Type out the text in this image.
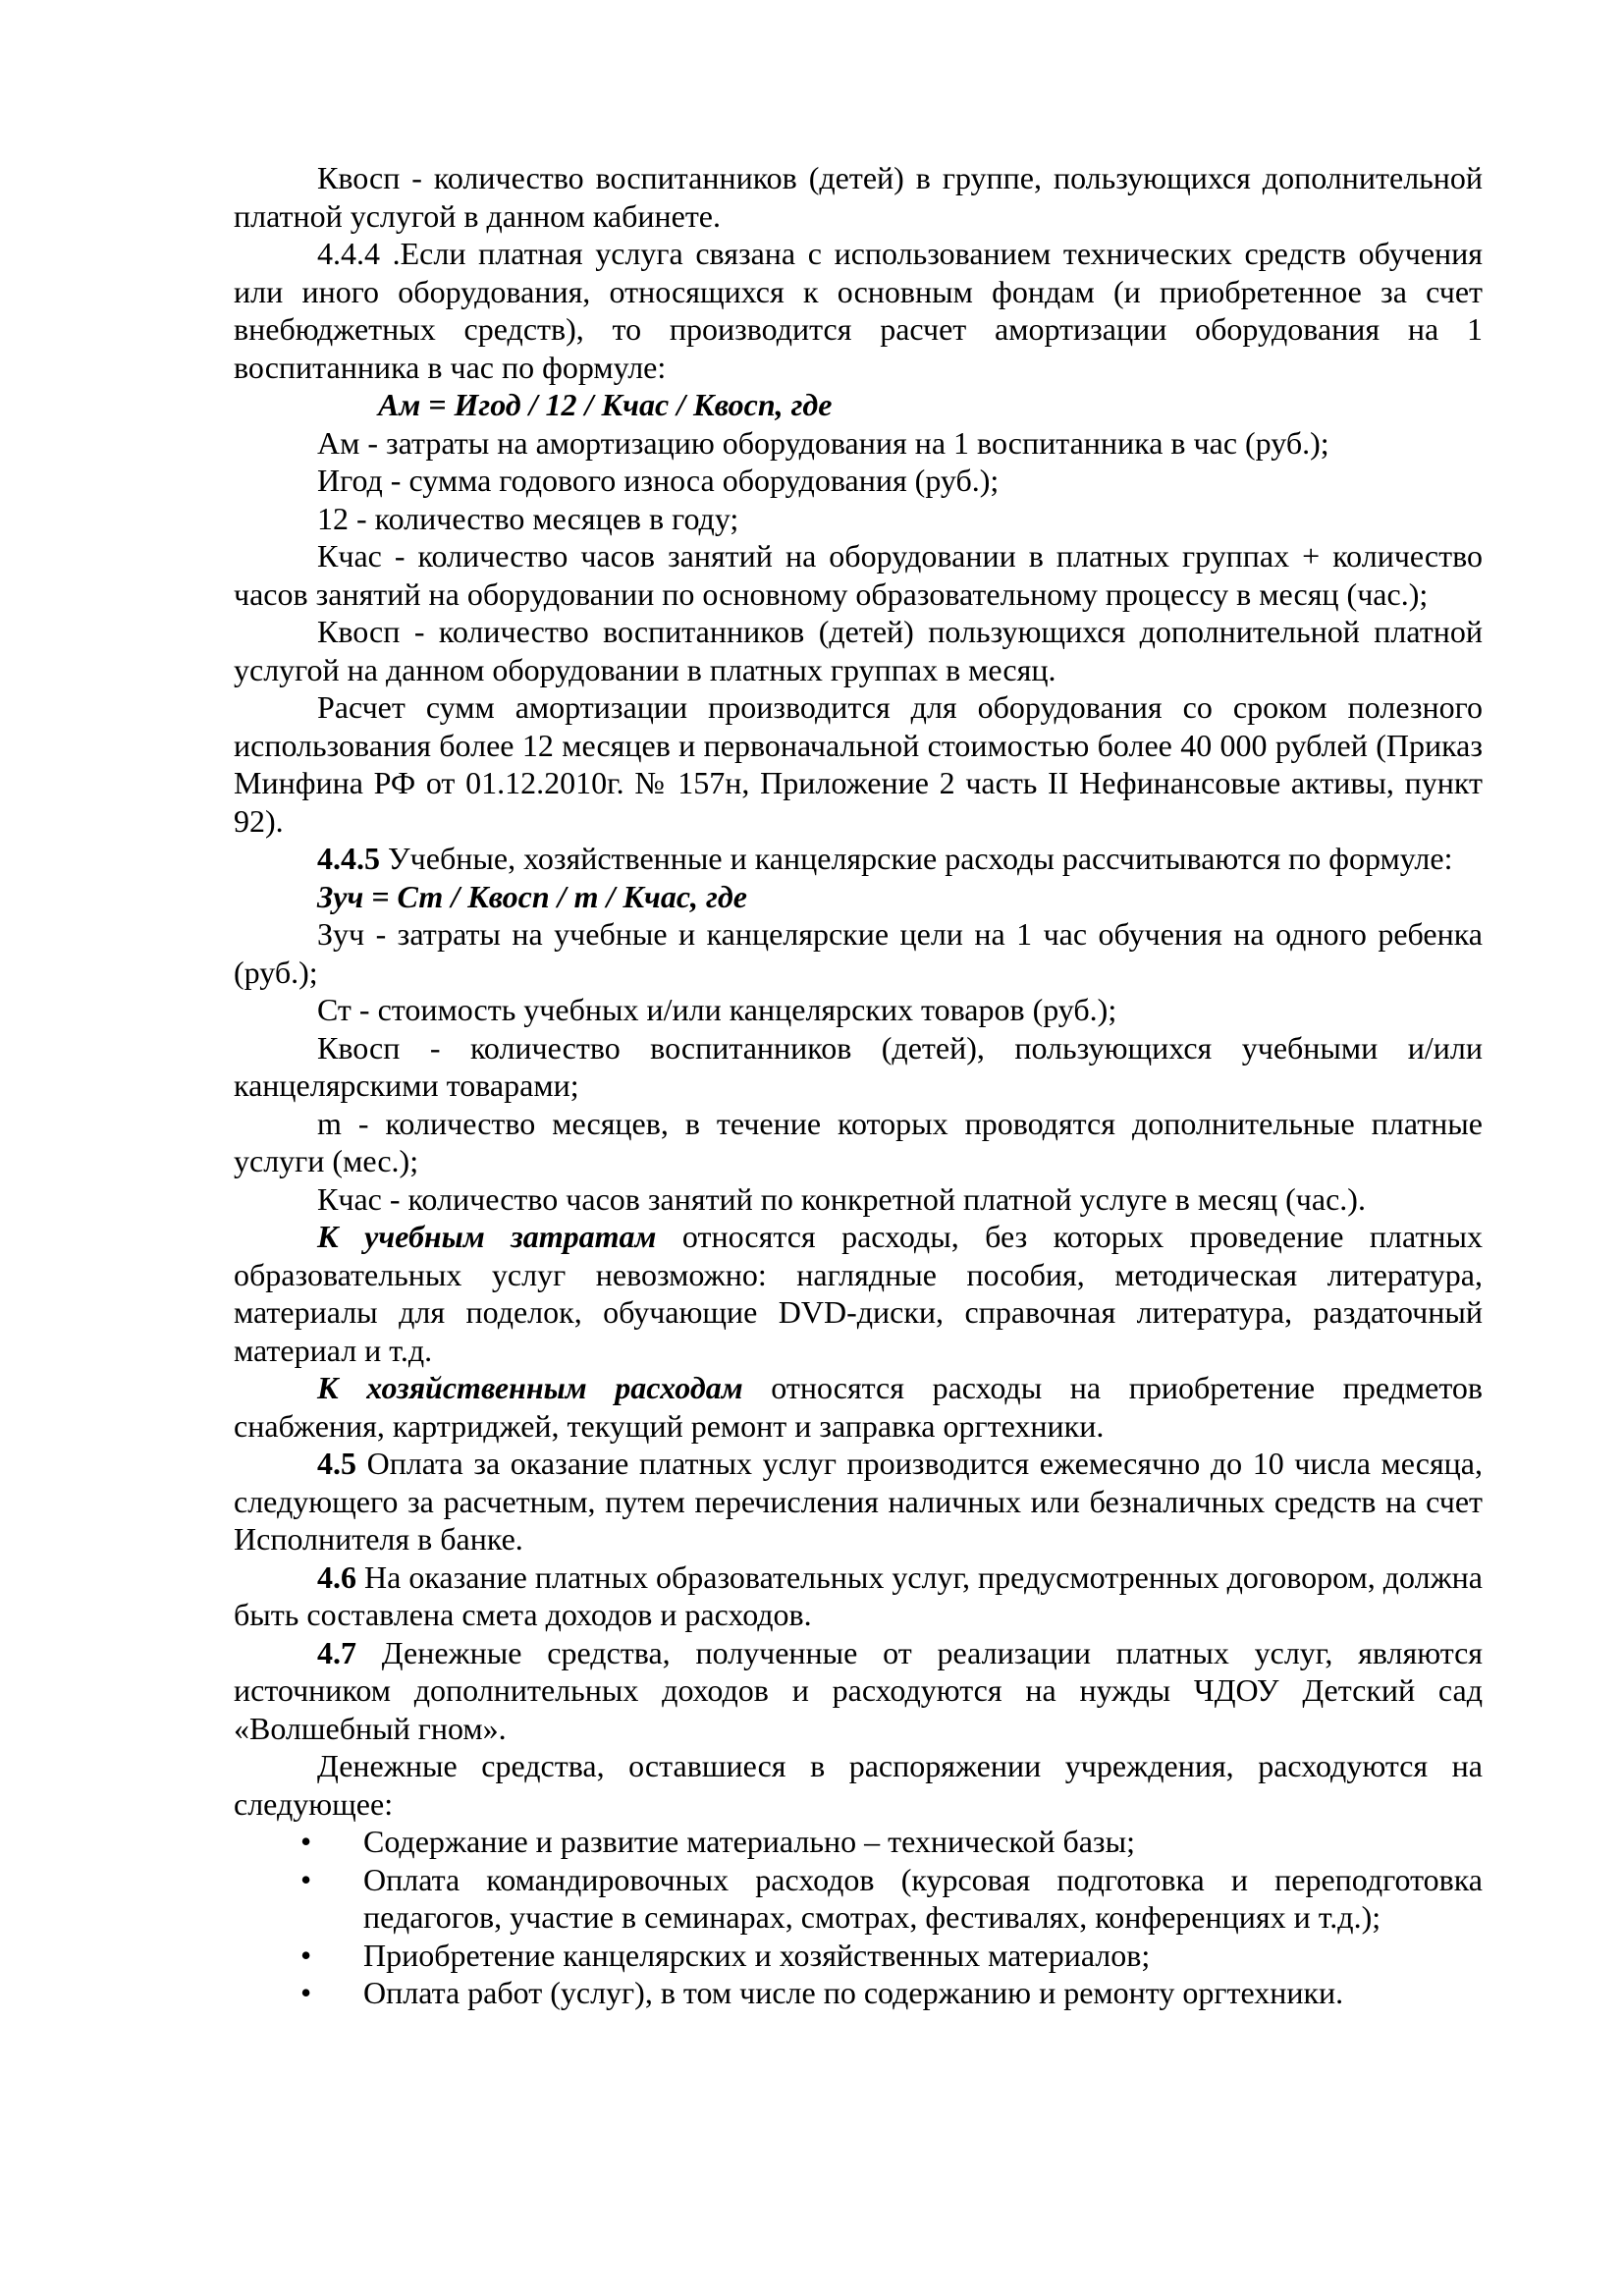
Квосп - количество воспитанников (детей) в группе, пользующихся дополнительной платной услугой в данном кабинете.

4.4.4 .Если платная услуга связана с использованием технических средств обучения или иного оборудования, относящихся к основным фондам (и приобретенное за счет внебюджетных средств), то производится расчет амортизации оборудования на 1 воспитанника в час по формуле:

Ам = Игод / 12 / Кчас / Квосп, где

Ам - затраты на амортизацию оборудования на 1 воспитанника в час (руб.);

Игод - сумма годового износа оборудования (руб.);

12 - количество месяцев в году;

Кчас - количество часов занятий на оборудовании в платных группах + количество часов занятий на оборудовании по основному образовательному процессу в месяц (час.);

Квосп - количество воспитанников (детей) пользующихся дополнительной платной услугой на данном оборудовании в платных группах в месяц.

Расчет сумм амортизации производится для оборудования со сроком полезного использования более 12 месяцев и первоначальной стоимостью более 40 000 рублей (Приказ Минфина РФ от 01.12.2010г. № 157н, Приложение 2 часть II Нефинансовые активы, пункт 92).

4.4.5 Учебные, хозяйственные и канцелярские расходы рассчитываются по формуле:

Зуч = Ст / Квосп / m / Кчас, где

Зуч - затраты на учебные и канцелярские цели на 1 час обучения на одного ребенка (руб.);

Ст - стоимость учебных и/или канцелярских товаров (руб.);

Квосп - количество воспитанников (детей), пользующихся учебными и/или канцелярскими товарами;

m - количество месяцев, в течение которых проводятся дополнительные платные услуги (мес.);

Кчас - количество часов занятий по конкретной платной услуге в месяц (час.).

К учебным затратам относятся расходы, без которых проведение платных образовательных услуг невозможно: наглядные пособия, методическая литература, материалы для поделок, обучающие DVD-диски, справочная литература, раздаточный материал и т.д.

К хозяйственным расходам относятся расходы на приобретение предметов снабжения, картриджей, текущий ремонт и заправка оргтехники.

4.5 Оплата за оказание платных услуг производится ежемесячно до 10 числа месяца, следующего за расчетным, путем перечисления наличных или безналичных средств на счет Исполнителя в банке.

4.6 На оказание платных образовательных услуг, предусмотренных договором, должна быть составлена смета доходов и расходов.

4.7 Денежные средства, полученные от реализации платных услуг, являются источником дополнительных доходов и расходуются на нужды ЧДОУ Детский сад «Волшебный гном».

Денежные средства, оставшиеся в распоряжении учреждения, расходуются на следующее:

•	Содержание и развитие материально – технической базы;
•	Оплата командировочных расходов (курсовая подготовка и переподготовка педагогов, участие в семинарах, смотрах, фестивалях, конференциях и т.д.);
•	Приобретение канцелярских и хозяйственных материалов;
•	Оплата работ (услуг), в том числе по содержанию и ремонту оргтехники.
